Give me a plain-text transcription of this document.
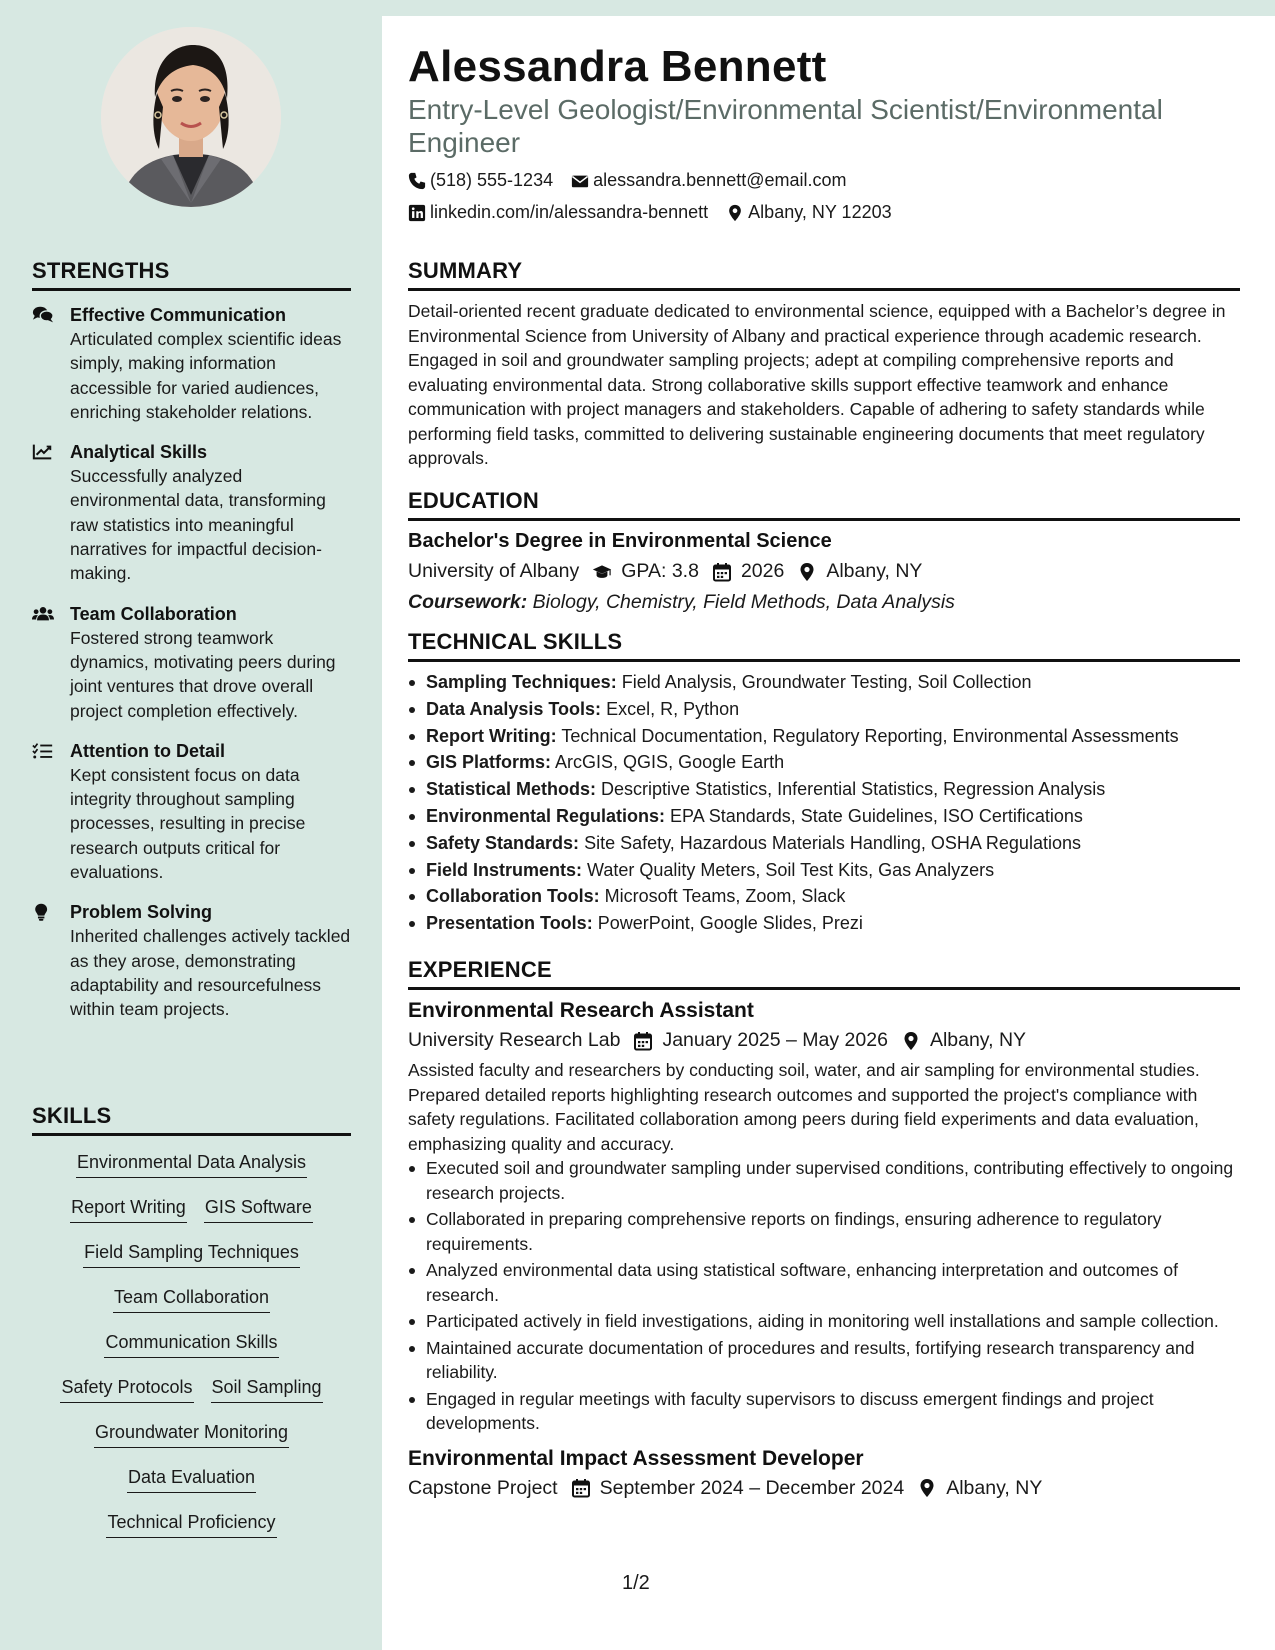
Alessandra Bennett
Entry-Level Geologist/Environmental Scientist/Environmental Engineer
(518) 555-1234 alessandra.bennett@email.com
linkedin.com/in/alessandra-bennett Albany, NY 12203
STRENGTHS
Effective Communication
Articulated complex scientific ideas simply, making information accessible for varied audiences, enriching stakeholder relations.
Analytical Skills
Successfully analyzed environmental data, transforming raw statistics into meaningful narratives for impactful decision-making.
Team Collaboration
Fostered strong teamwork dynamics, motivating peers during joint ventures that drove overall project completion effectively.
Attention to Detail
Kept consistent focus on data integrity throughout sampling processes, resulting in precise research outputs critical for evaluations.
Problem Solving
Inherited challenges actively tackled as they arose, demonstrating adaptability and resourcefulness within team projects.
SKILLS
Environmental Data Analysis
Report Writing GIS Software
Field Sampling Techniques
Team Collaboration
Communication Skills
Safety Protocols Soil Sampling
Groundwater Monitoring
Data Evaluation
Technical Proficiency
SUMMARY
Detail-oriented recent graduate dedicated to environmental science, equipped with a Bachelor’s degree in Environmental Science from University of Albany and practical experience through academic research. Engaged in soil and groundwater sampling projects; adept at compiling comprehensive reports and evaluating environmental data. Strong collaborative skills support effective teamwork and enhance communication with project managers and stakeholders. Capable of adhering to safety standards while performing field tasks, committed to delivering sustainable engineering documents that meet regulatory approvals.
EDUCATION
Bachelor's Degree in Environmental Science
University of Albany GPA: 3.8 2026 Albany, NY
Coursework: Biology, Chemistry, Field Methods, Data Analysis
TECHNICAL SKILLS
Sampling Techniques: Field Analysis, Groundwater Testing, Soil Collection
Data Analysis Tools: Excel, R, Python
Report Writing: Technical Documentation, Regulatory Reporting, Environmental Assessments
GIS Platforms: ArcGIS, QGIS, Google Earth
Statistical Methods: Descriptive Statistics, Inferential Statistics, Regression Analysis
Environmental Regulations: EPA Standards, State Guidelines, ISO Certifications
Safety Standards: Site Safety, Hazardous Materials Handling, OSHA Regulations
Field Instruments: Water Quality Meters, Soil Test Kits, Gas Analyzers
Collaboration Tools: Microsoft Teams, Zoom, Slack
Presentation Tools: PowerPoint, Google Slides, Prezi
EXPERIENCE
Environmental Research Assistant
University Research Lab January 2025 – May 2026 Albany, NY
Assisted faculty and researchers by conducting soil, water, and air sampling for environmental studies. Prepared detailed reports highlighting research outcomes and supported the project's compliance with safety regulations. Facilitated collaboration among peers during field experiments and data evaluation, emphasizing quality and accuracy.
Executed soil and groundwater sampling under supervised conditions, contributing effectively to ongoing research projects.
Collaborated in preparing comprehensive reports on findings, ensuring adherence to regulatory requirements.
Analyzed environmental data using statistical software, enhancing interpretation and outcomes of research.
Participated actively in field investigations, aiding in monitoring well installations and sample collection.
Maintained accurate documentation of procedures and results, fortifying research transparency and reliability.
Engaged in regular meetings with faculty supervisors to discuss emergent findings and project developments.
Environmental Impact Assessment Developer
Capstone Project September 2024 – December 2024 Albany, NY
1/2
